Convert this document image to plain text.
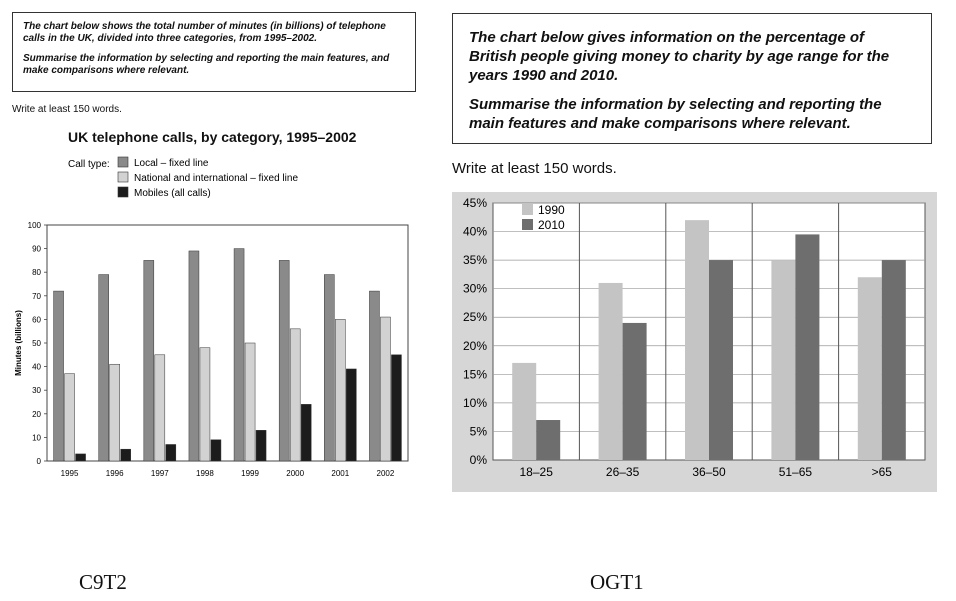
The chart below shows the total number of minutes (in billions) of telephone calls in the UK, divided into three categories, from 1995–2002.

Summarise the information by selecting and reporting the main features, and make comparisons where relevant.

Write at least 150 words.
UK telephone calls, by category, 1995–2002

The chart below gives information on the percentage of British people giving money to charity by age range for the years 1990 and 2010.

Summarise the information by selecting and reporting the main features and make comparisons where relevant.

Write at least 150 words.
C9T2	OGT1
Call type: Local – fixed line
National and international – fixed line
Mobiles (all calls)
0
10
20
30
40
50
60
70
80
90
100
Minutes (billions)
1995	1996	1997	1998	1999	2000	2001	2002
0%
5%
10%
15%
20%
25%
30%
35%
40%
45%
18–25	26–35	36–50	51–65	>65
1990
2010
